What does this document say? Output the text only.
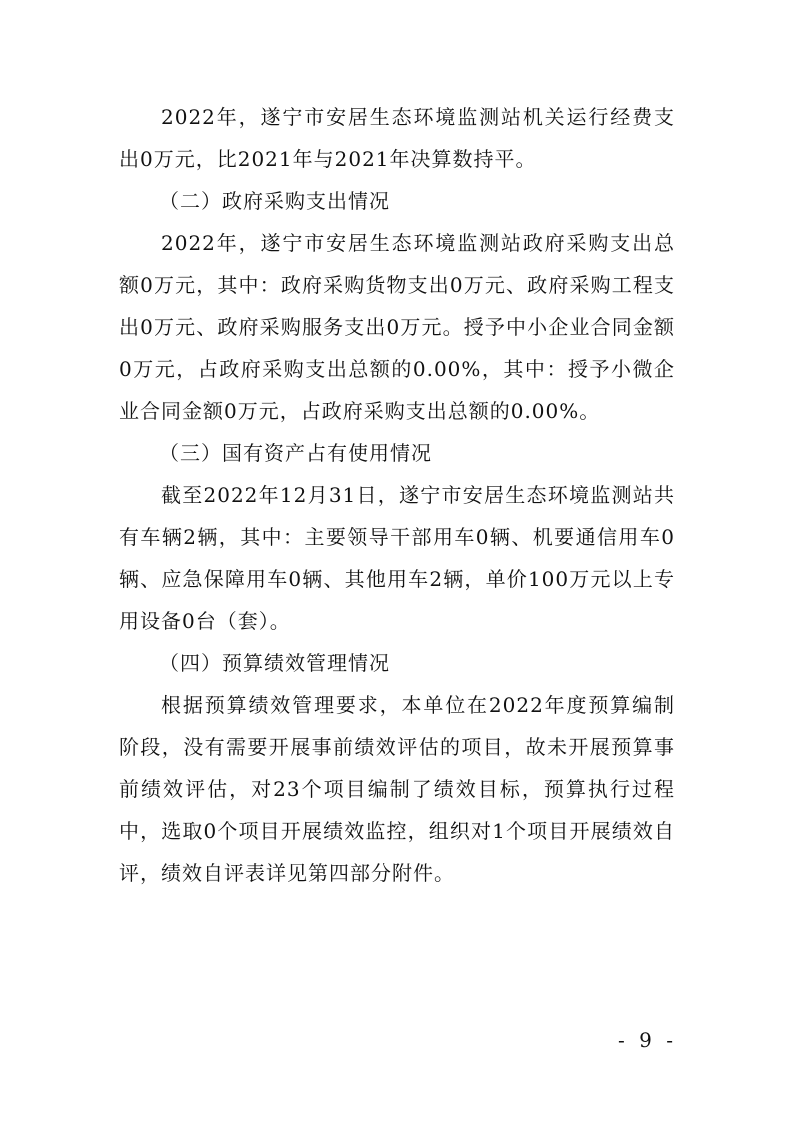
2022年，遂宁市安居生态环境监测站机关运行经费支出0万元，比2021年与2021年决算数持平。

（二）政府采购支出情况

2022年，遂宁市安居生态环境监测站政府采购支出总额0万元，其中：政府采购货物支出0万元、政府采购工程支出0万元、政府采购服务支出0万元。授予中小企业合同金额0万元，占政府采购支出总额的0.00%，其中：授予小微企业合同金额0万元，占政府采购支出总额的0.00%。

（三）国有资产占有使用情况

截至2022年12月31日，遂宁市安居生态环境监测站共有车辆2辆，其中：主要领导干部用车0辆、机要通信用车0辆、应急保障用车0辆、其他用车2辆，单价100万元以上专用设备0台（套）。

（四）预算绩效管理情况

根据预算绩效管理要求，本单位在2022年度预算编制阶段，没有需要开展事前绩效评估的项目，故未开展预算事前绩效评估，对23个项目编制了绩效目标，预算执行过程中，选取0个项目开展绩效监控，组织对1个项目开展绩效自评，绩效自评表详见第四部分附件。

- 9 -
